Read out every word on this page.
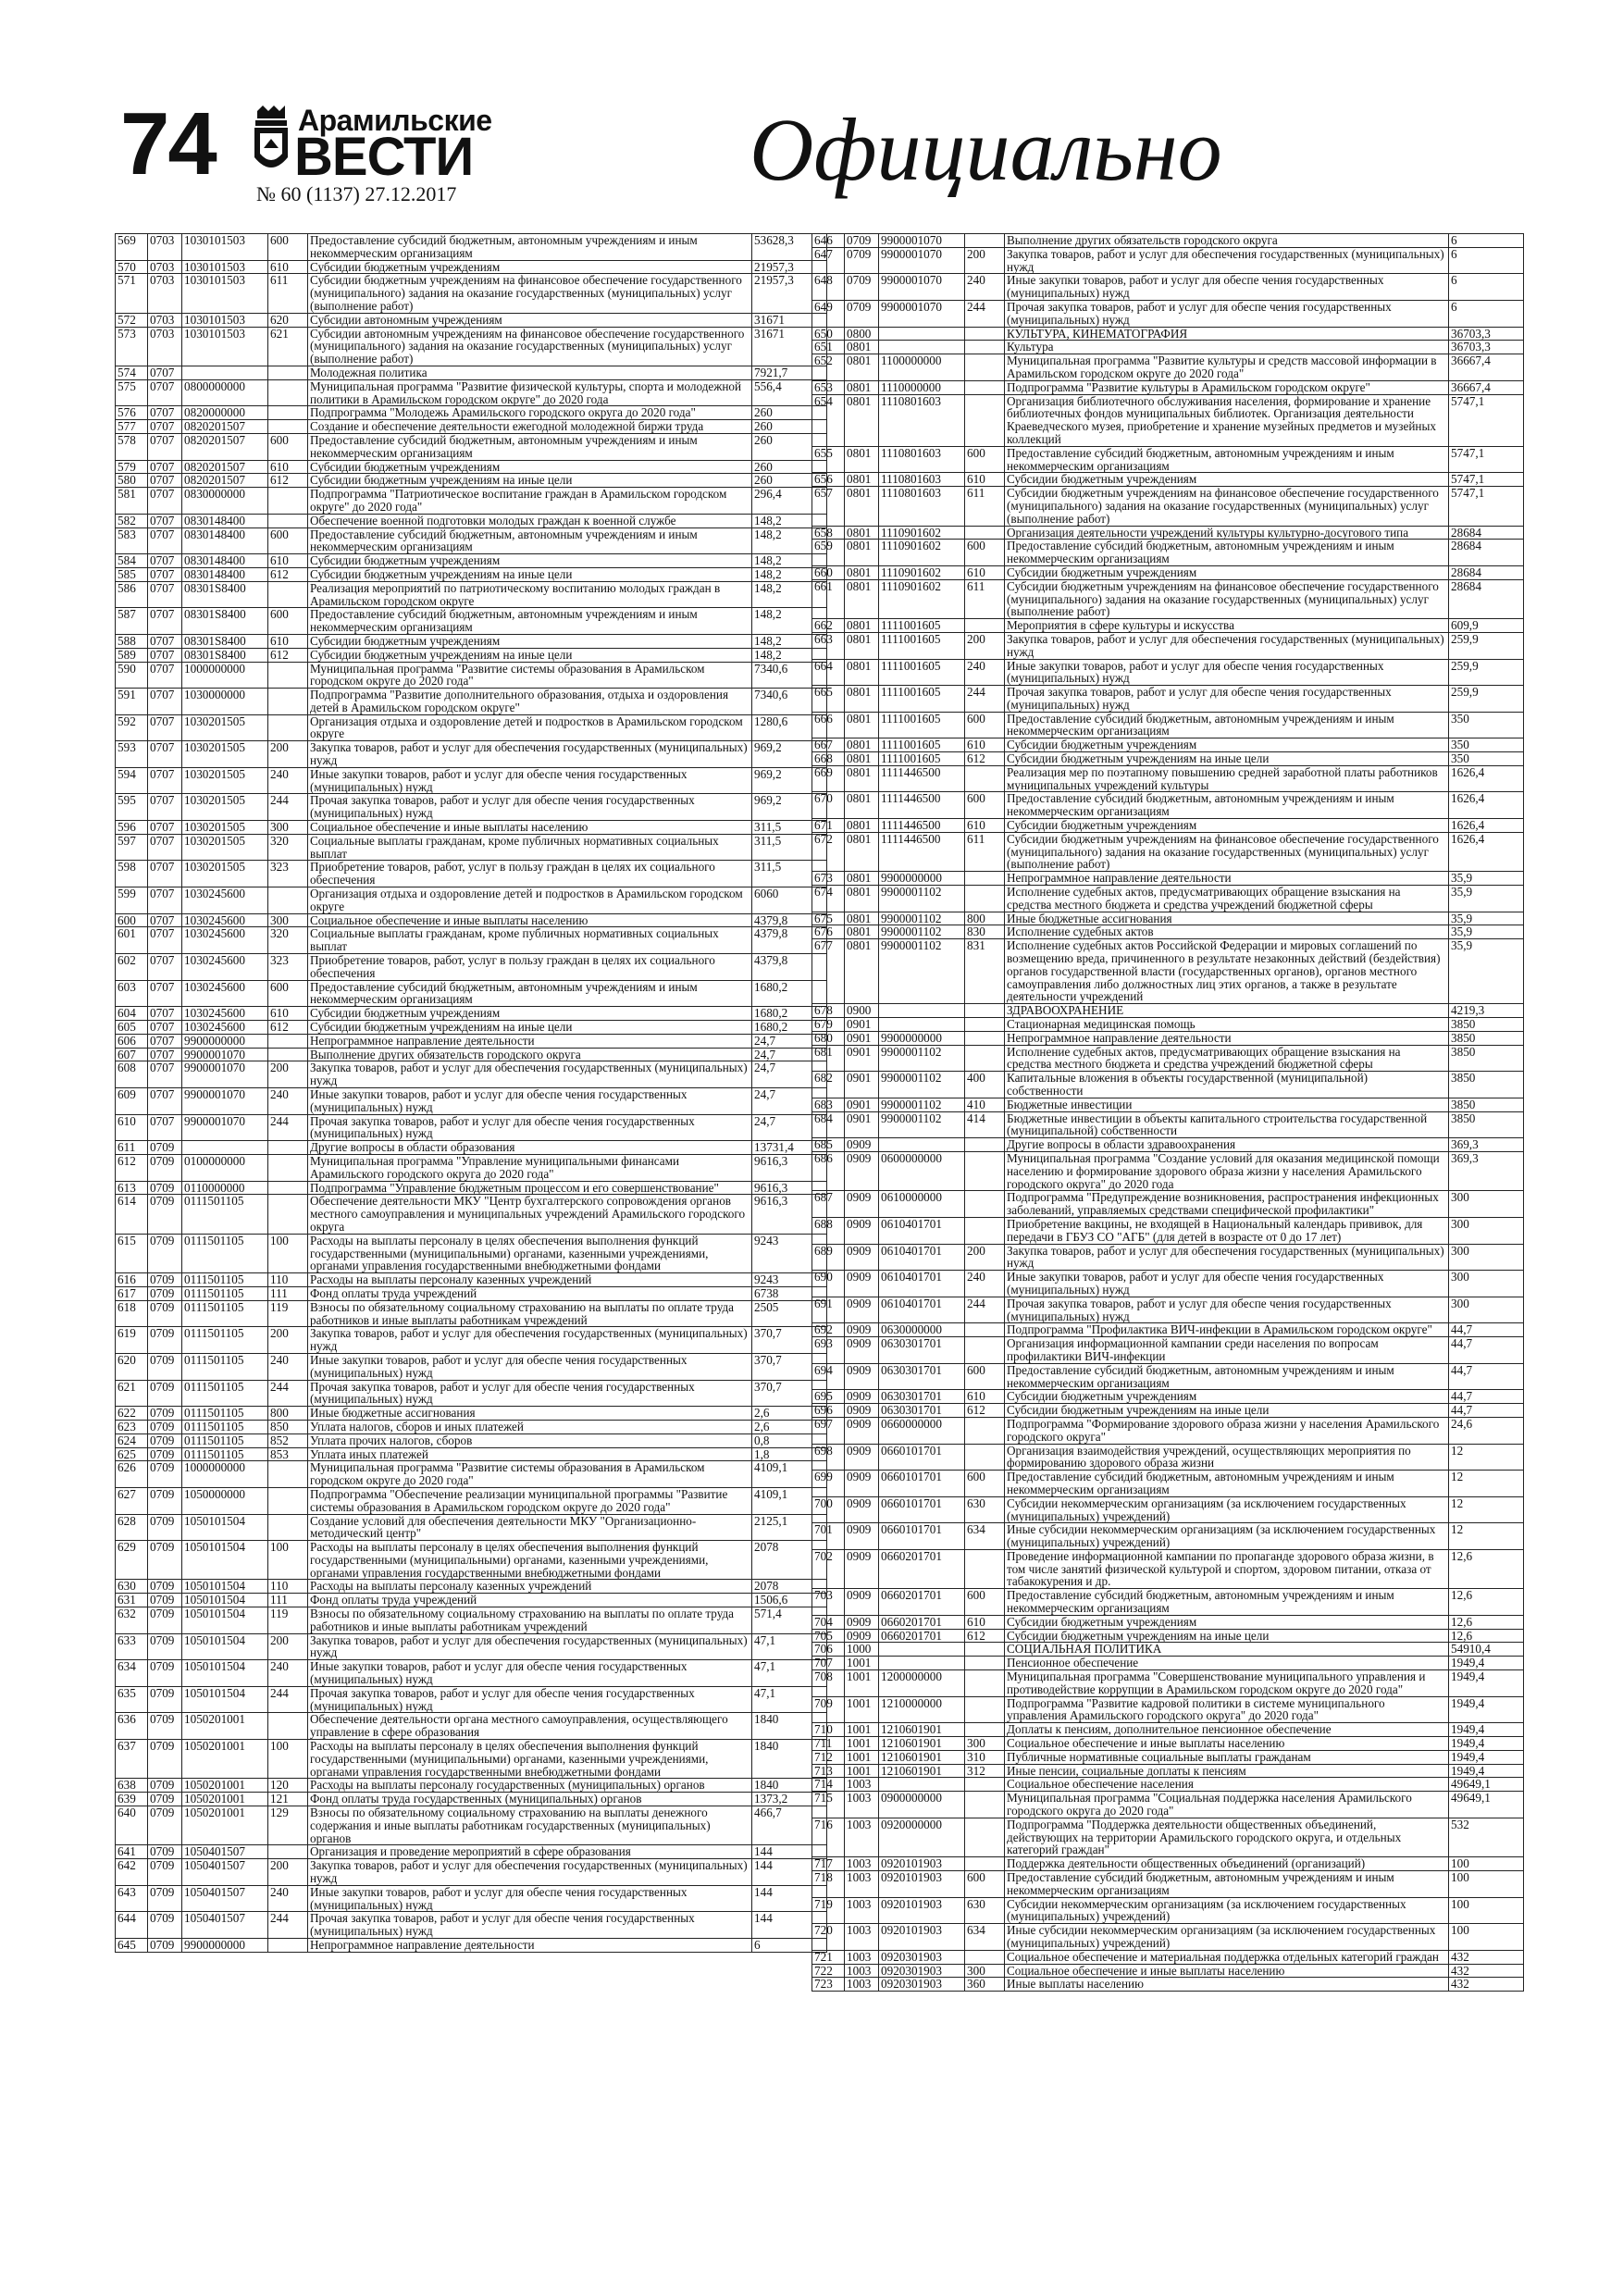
74	Арамильские
ВЕСТИ
№ 60 (1137) 27.12.2017	Официально
569	0703	1030101503	600	Предоставление субсидий бюджетным, автономным учреждениям и иным некоммерческим организациям	53628,3
570	0703	1030101503	610	Субсидии бюджетным учреждениям	21957,3
571	0703	1030101503	611	Субсидии бюджетным учреждениям на финансовое обеспечение государственного (муниципального) задания на оказание государственных (муниципальных) услуг (выполнение работ)	21957,3
572	0703	1030101503	620	Субсидии автономным учреждениям	31671
573	0703	1030101503	621	Субсидии автономным учреждениям на финансовое обеспечение государственного (муниципального) задания на оказание государственных (муниципальных) услуг (выполнение работ)	31671
574	0707			Молодежная политика	7921,7
575	0707	0800000000		Муниципальная программа "Развитие физической культуры, спорта и молодежной политики в Арамильском городском округе" до 2020 года	556,4
576	0707	0820000000		Подпрограмма "Молодежь Арамильского городского округа до 2020 года"	260
577	0707	0820201507		Создание и обеспечение деятельности ежегодной молодежной биржи труда	260
578	0707	0820201507	600	Предоставление субсидий бюджетным, автономным учреждениям и иным некоммерческим организациям	260
579	0707	0820201507	610	Субсидии бюджетным учреждениям	260
580	0707	0820201507	612	Субсидии бюджетным учреждениям на иные цели	260
581	0707	0830000000		Подпрограмма "Патриотическое воспитание граждан в Арамильском городском округе" до 2020 года"	296,4
582	0707	0830148400		Обеспечение военной подготовки молодых граждан к военной службе	148,2
583	0707	0830148400	600	Предоставление субсидий бюджетным, автономным учреждениям и иным некоммерческим организациям	148,2
584	0707	0830148400	610	Субсидии бюджетным учреждениям	148,2
585	0707	0830148400	612	Субсидии бюджетным учреждениям на иные цели	148,2
586	0707	08301S8400		Реализация мероприятий по патриотическому воспитанию молодых граждан в Арамильском городском округе	148,2
587	0707	08301S8400	600	Предоставление субсидий бюджетным, автономным учреждениям и иным некоммерческим организациям	148,2
588	0707	08301S8400	610	Субсидии бюджетным учреждениям	148,2
589	0707	08301S8400	612	Субсидии бюджетным учреждениям на иные цели	148,2
590	0707	1000000000		Муниципальная программа "Развитие системы образования в Арамильском городском округе до 2020 года"	7340,6
591	0707	1030000000		Подпрограмма "Развитие дополнительного образования, отдыха и оздоровления детей в Арамильском городском округе"	7340,6
592	0707	1030201505		Организация отдыха и оздоровление детей и подростков в Арамильском городском округе	1280,6
593	0707	1030201505	200	Закупка товаров, работ и услуг для обеспечения государственных (муниципальных) нужд	969,2
594	0707	1030201505	240	Иные закупки товаров, работ и услуг для обеспе чения государственных (муниципальных) нужд	969,2
595	0707	1030201505	244	Прочая закупка товаров, работ и услуг для обеспе чения государственных (муниципальных) нужд	969,2
596	0707	1030201505	300	Социальное обеспечение и иные выплаты населению	311,5
597	0707	1030201505	320	Социальные выплаты гражданам, кроме публичных нормативных социальных выплат	311,5
598	0707	1030201505	323	Приобретение товаров, работ, услуг в пользу граждан в целях их социального обеспечения	311,5
599	0707	1030245600		Организация отдыха и оздоровление детей и подростков в Арамильском городском округе	6060
600	0707	1030245600	300	Социальное обеспечение и иные выплаты населению	4379,8
601	0707	1030245600	320	Социальные выплаты гражданам, кроме публичных нормативных социальных выплат	4379,8
602	0707	1030245600	323	Приобретение товаров, работ, услуг в пользу граждан в целях их социального обеспечения	4379,8
603	0707	1030245600	600	Предоставление субсидий бюджетным, автономным учреждениям и иным некоммерческим организациям	1680,2
604	0707	1030245600	610	Субсидии бюджетным учреждениям	1680,2
605	0707	1030245600	612	Субсидии бюджетным учреждениям на иные цели	1680,2
606	0707	9900000000		Непрограммное направление деятельности	24,7
607	0707	9900001070		Выполнение других обязательств городского округа	24,7
608	0707	9900001070	200	Закупка товаров, работ и услуг для обеспечения государственных (муниципальных) нужд	24,7
609	0707	9900001070	240	Иные закупки товаров, работ и услуг для обеспе чения государственных (муниципальных) нужд	24,7
610	0707	9900001070	244	Прочая закупка товаров, работ и услуг для обеспе чения государственных (муниципальных) нужд	24,7
611	0709			Другие вопросы в области образования	13731,4
612	0709	0100000000		Муниципальная программа "Управление муниципальными финансами Арамильского городского округа до 2020 года"	9616,3
613	0709	0110000000		Подпрограмма "Управление бюджетным процессом и его совершенствование"	9616,3
614	0709	0111501105		Обеспечение деятельности МКУ "Центр бухгалтерского сопровождения органов местного самоуправления и муниципальных учреждений Арамильского городского округа	9616,3
615	0709	0111501105	100	Расходы на выплаты персоналу в целях обеспечения выполнения функций государственными (муниципальными) органами, казенными учреждениями, органами управления государственными внебюджетными фондами	9243
616	0709	0111501105	110	Расходы на выплаты персоналу казенных учреждений	9243
617	0709	0111501105	111	Фонд оплаты труда учреждений	6738
618	0709	0111501105	119	Взносы по обязательному социальному страхованию на выплаты по оплате труда работников и иные выплаты работникам учреждений	2505
619	0709	0111501105	200	Закупка товаров, работ и услуг для обеспечения государственных (муниципальных) нужд	370,7
620	0709	0111501105	240	Иные закупки товаров, работ и услуг для обеспе чения государственных (муниципальных) нужд	370,7
621	0709	0111501105	244	Прочая закупка товаров, работ и услуг для обеспе чения государственных (муниципальных) нужд	370,7
622	0709	0111501105	800	Иные бюджетные ассигнования	2,6
623	0709	0111501105	850	Уплата налогов, сборов и иных платежей	2,6
624	0709	0111501105	852	Уплата прочих налогов, сборов	0,8
625	0709	0111501105	853	Уплата иных платежей	1,8
626	0709	1000000000		Муниципальная программа "Развитие системы образования в Арамильском городском округе до 2020 года"	4109,1
627	0709	1050000000		Подпрограмма "Обеспечение реализации муниципальной программы "Развитие системы образования в Арамильском городском округе до 2020 года"	4109,1
628	0709	1050101504		Создание условий для обеспечения деятельности МКУ "Организационно-методический центр"	2125,1
629	0709	1050101504	100	Расходы на выплаты персоналу в целях обеспечения выполнения функций государственными (муниципальными) органами, казенными учреждениями, органами управления государственными внебюджетными фондами	2078
630	0709	1050101504	110	Расходы на выплаты персоналу казенных учреждений	2078
631	0709	1050101504	111	Фонд оплаты труда учреждений	1506,6
632	0709	1050101504	119	Взносы по обязательному социальному страхованию на выплаты по оплате труда работников и иные выплаты работникам учреждений	571,4
633	0709	1050101504	200	Закупка товаров, работ и услуг для обеспечения государственных (муниципальных) нужд	47,1
634	0709	1050101504	240	Иные закупки товаров, работ и услуг для обеспе чения государственных (муниципальных) нужд	47,1
635	0709	1050101504	244	Прочая закупка товаров, работ и услуг для обеспе чения государственных (муниципальных) нужд	47,1
636	0709	1050201001		Обеспечение деятельности органа местного самоуправления, осуществляющего управление в сфере образования	1840
637	0709	1050201001	100	Расходы на выплаты персоналу в целях обеспечения выполнения функций государственными (муниципальными) органами, казенными учреждениями, органами управления государственными внебюджетными фондами	1840
638	0709	1050201001	120	Расходы на выплаты персоналу государственных (муниципальных) органов	1840
639	0709	1050201001	121	Фонд оплаты труда государственных (муниципальных) органов	1373,2
640	0709	1050201001	129	Взносы по обязательному социальному страхованию на выплаты денежного содержания и иные выплаты работникам государственных (муниципальных) органов	466,7
641	0709	1050401507		Организация и проведение мероприятий в сфере образования	144
642	0709	1050401507	200	Закупка товаров, работ и услуг для обеспечения государственных (муниципальных) нужд	144
643	0709	1050401507	240	Иные закупки товаров, работ и услуг для обеспе чения государственных (муниципальных) нужд	144
644	0709	1050401507	244	Прочая закупка товаров, работ и услуг для обеспе чения государственных (муниципальных) нужд	144
645	0709	9900000000		Непрограммное направление деятельности	6
646	0709	9900001070		Выполнение других обязательств городского округа	6
647	0709	9900001070	200	Закупка товаров, работ и услуг для обеспечения государственных (муниципальных) нужд	6
648	0709	9900001070	240	Иные закупки товаров, работ и услуг для обеспе чения государственных (муниципальных) нужд	6
649	0709	9900001070	244	Прочая закупка товаров, работ и услуг для обеспе чения государственных (муниципальных) нужд	6
650	0800			КУЛЬТУРА, КИНЕМАТОГРАФИЯ	36703,3
651	0801			Культура	36703,3
652	0801	1100000000		Муниципальная программа "Развитие культуры и средств массовой информации в Арамильском городском округе до 2020 года"	36667,4
653	0801	1110000000		Подпрограмма "Развитие культуры в Арамильском городском округе"	36667,4
654	0801	1110801603		Организация библиотечного обслуживания населения, формирование и хранение библиотечных фондов муниципальных библиотек. Организация деятельности Краеведческого музея, приобретение и хранение музейных предметов и музейных коллекций	5747,1
655	0801	1110801603	600	Предоставление субсидий бюджетным, автономным учреждениям и иным некоммерческим организациям	5747,1
656	0801	1110801603	610	Субсидии бюджетным учреждениям	5747,1
657	0801	1110801603	611	Субсидии бюджетным учреждениям на финансовое обеспечение государственного (муниципального) задания на оказание государственных (муниципальных) услуг (выполнение работ)	5747,1
658	0801	1110901602		Организация деятельности учреждений культуры культурно-досугового типа	28684
659	0801	1110901602	600	Предоставление субсидий бюджетным, автономным учреждениям и иным некоммерческим организациям	28684
660	0801	1110901602	610	Субсидии бюджетным учреждениям	28684
661	0801	1110901602	611	Субсидии бюджетным учреждениям на финансовое обеспечение государственного (муниципального) задания на оказание государственных (муниципальных) услуг (выполнение работ)	28684
662	0801	1111001605		Мероприятия в сфере культуры и искусства	609,9
663	0801	1111001605	200	Закупка товаров, работ и услуг для обеспечения государственных (муниципальных) нужд	259,9
664	0801	1111001605	240	Иные закупки товаров, работ и услуг для обеспе чения государственных (муниципальных) нужд	259,9
665	0801	1111001605	244	Прочая закупка товаров, работ и услуг для обеспе чения государственных (муниципальных) нужд	259,9
666	0801	1111001605	600	Предоставление субсидий бюджетным, автономным учреждениям и иным некоммерческим организациям	350
667	0801	1111001605	610	Субсидии бюджетным учреждениям	350
668	0801	1111001605	612	Субсидии бюджетным учреждениям на иные цели	350
669	0801	1111446500		Реализация мер по поэтапному повышению средней заработной платы работников муниципальных учреждений культуры	1626,4
670	0801	1111446500	600	Предоставление субсидий бюджетным, автономным учреждениям и иным некоммерческим организациям	1626,4
671	0801	1111446500	610	Субсидии бюджетным учреждениям	1626,4
672	0801	1111446500	611	Субсидии бюджетным учреждениям на финансовое обеспечение государственного (муниципального) задания на оказание государственных (муниципальных) услуг (выполнение работ)	1626,4
673	0801	9900000000		Непрограммное направление деятельности	35,9
674	0801	9900001102		Исполнение судебных актов, предусматривающих обращение взыскания на средства местного бюджета и средства учреждений бюджетной сферы	35,9
675	0801	9900001102	800	Иные бюджетные ассигнования	35,9
676	0801	9900001102	830	Исполнение судебных актов	35,9
677	0801	9900001102	831	Исполнение судебных актов Российской Федерации и мировых соглашений по возмещению вреда, причиненного в результате незаконных действий (бездействия) органов государственной власти (государственных органов), органов местного самоуправления либо должностных лиц этих органов, а также в результате деятельности учреждений	35,9
678	0900			ЗДРАВООХРАНЕНИЕ	4219,3
679	0901			Стационарная медицинская помощь	3850
680	0901	9900000000		Непрограммное направление деятельности	3850
681	0901	9900001102		Исполнение судебных актов, предусматривающих обращение взыскания на средства местного бюджета и средства учреждений бюджетной сферы	3850
682	0901	9900001102	400	Капитальные вложения в объекты государственной (муниципальной) собственности	3850
683	0901	9900001102	410	Бюджетные инвестиции	3850
684	0901	9900001102	414	Бюджетные инвестиции в объекты капитального строительства государственной (муниципальной) собственности	3850
685	0909			Другие вопросы в области здравоохранения	369,3
686	0909	0600000000		Муниципальная программа "Создание условий для оказания медицинской помощи населению и формирование здорового образа жизни у населения Арамильского городского округа" до 2020 года	369,3
687	0909	0610000000		Подпрограмма "Предупреждение возникновения, распространения инфекционных заболеваний, управляемых средствами специфической профилактики"	300
688	0909	0610401701		Приобретение вакцины, не входящей в Национальный календарь прививок, для передачи в ГБУЗ СО "АГБ" (для детей в возрасте от 0 до 17 лет)	300
689	0909	0610401701	200	Закупка товаров, работ и услуг для обеспечения государственных (муниципальных) нужд	300
690	0909	0610401701	240	Иные закупки товаров, работ и услуг для обеспе чения государственных (муниципальных) нужд	300
691	0909	0610401701	244	Прочая закупка товаров, работ и услуг для обеспе чения государственных (муниципальных) нужд	300
692	0909	0630000000		Подпрограмма "Профилактика ВИЧ-инфекции в Арамильском городском округе"	44,7
693	0909	0630301701		Организация информационной кампании среди населения по вопросам профилактики ВИЧ-инфекции	44,7
694	0909	0630301701	600	Предоставление субсидий бюджетным, автономным учреждениям и иным некоммерческим организациям	44,7
695	0909	0630301701	610	Субсидии бюджетным учреждениям	44,7
696	0909	0630301701	612	Субсидии бюджетным учреждениям на иные цели	44,7
697	0909	0660000000		Подпрограмма "Формирование здорового образа жизни у населения Арамильского городского округа"	24,6
698	0909	0660101701		Организация взаимодействия учреждений, осуществляющих мероприятия по формированию здорового образа жизни	12
699	0909	0660101701	600	Предоставление субсидий бюджетным, автономным учреждениям и иным некоммерческим организациям	12
700	0909	0660101701	630	Субсидии некоммерческим организациям (за исключением государственных (муниципальных) учреждений)	12
701	0909	0660101701	634	Иные субсидии некоммерческим организациям (за исключением государственных (муниципальных) учреждений)	12
702	0909	0660201701		Проведение информационной кампании по пропаганде здорового образа жизни, в том числе занятий физической культурой и спортом, здоровом питании, отказа от табакокурения и др.	12,6
703	0909	0660201701	600	Предоставление субсидий бюджетным, автономным учреждениям и иным некоммерческим организациям	12,6
704	0909	0660201701	610	Субсидии бюджетным учреждениям	12,6
705	0909	0660201701	612	Субсидии бюджетным учреждениям на иные цели	12,6
706	1000			СОЦИАЛЬНАЯ ПОЛИТИКА	54910,4
707	1001			Пенсионное обеспечение	1949,4
708	1001	1200000000		Муниципальная программа "Совершенствование муниципального управления и противодействие коррупции в Арамильском городском округе до 2020 года"	1949,4
709	1001	1210000000		Подпрограмма "Развитие кадровой политики в системе муниципального управления Арамильского городского округа" до 2020 года"	1949,4
710	1001	1210601901		Доплаты к пенсиям, дополнительное пенсионное обеспечение	1949,4
711	1001	1210601901	300	Социальное обеспечение и иные выплаты населению	1949,4
712	1001	1210601901	310	Публичные нормативные социальные выплаты гражданам	1949,4
713	1001	1210601901	312	Иные пенсии, социальные доплаты к пенсиям	1949,4
714	1003			Социальное обеспечение населения	49649,1
715	1003	0900000000		Муниципальная программа "Социальная поддержка населения Арамильского городского округа до 2020 года"	49649,1
716	1003	0920000000		Подпрограмма "Поддержка деятельности общественных объединений, действующих на территории Арамильского городского округа, и отдельных категорий граждан"	532
717	1003	0920101903		Поддержка деятельности общественных объединений (организаций)	100
718	1003	0920101903	600	Предоставление субсидий бюджетным, автономным учреждениям и иным некоммерческим организациям	100
719	1003	0920101903	630	Субсидии некоммерческим организациям (за исключением государственных (муниципальных) учреждений)	100
720	1003	0920101903	634	Иные субсидии некоммерческим организациям (за исключением государственных (муниципальных) учреждений)	100
721	1003	0920301903		Социальное обеспечение и материальная поддержка отдельных категорий граждан	432
722	1003	0920301903	300	Социальное обеспечение и иные выплаты населению	432
723	1003	0920301903	360	Иные выплаты населению	432
